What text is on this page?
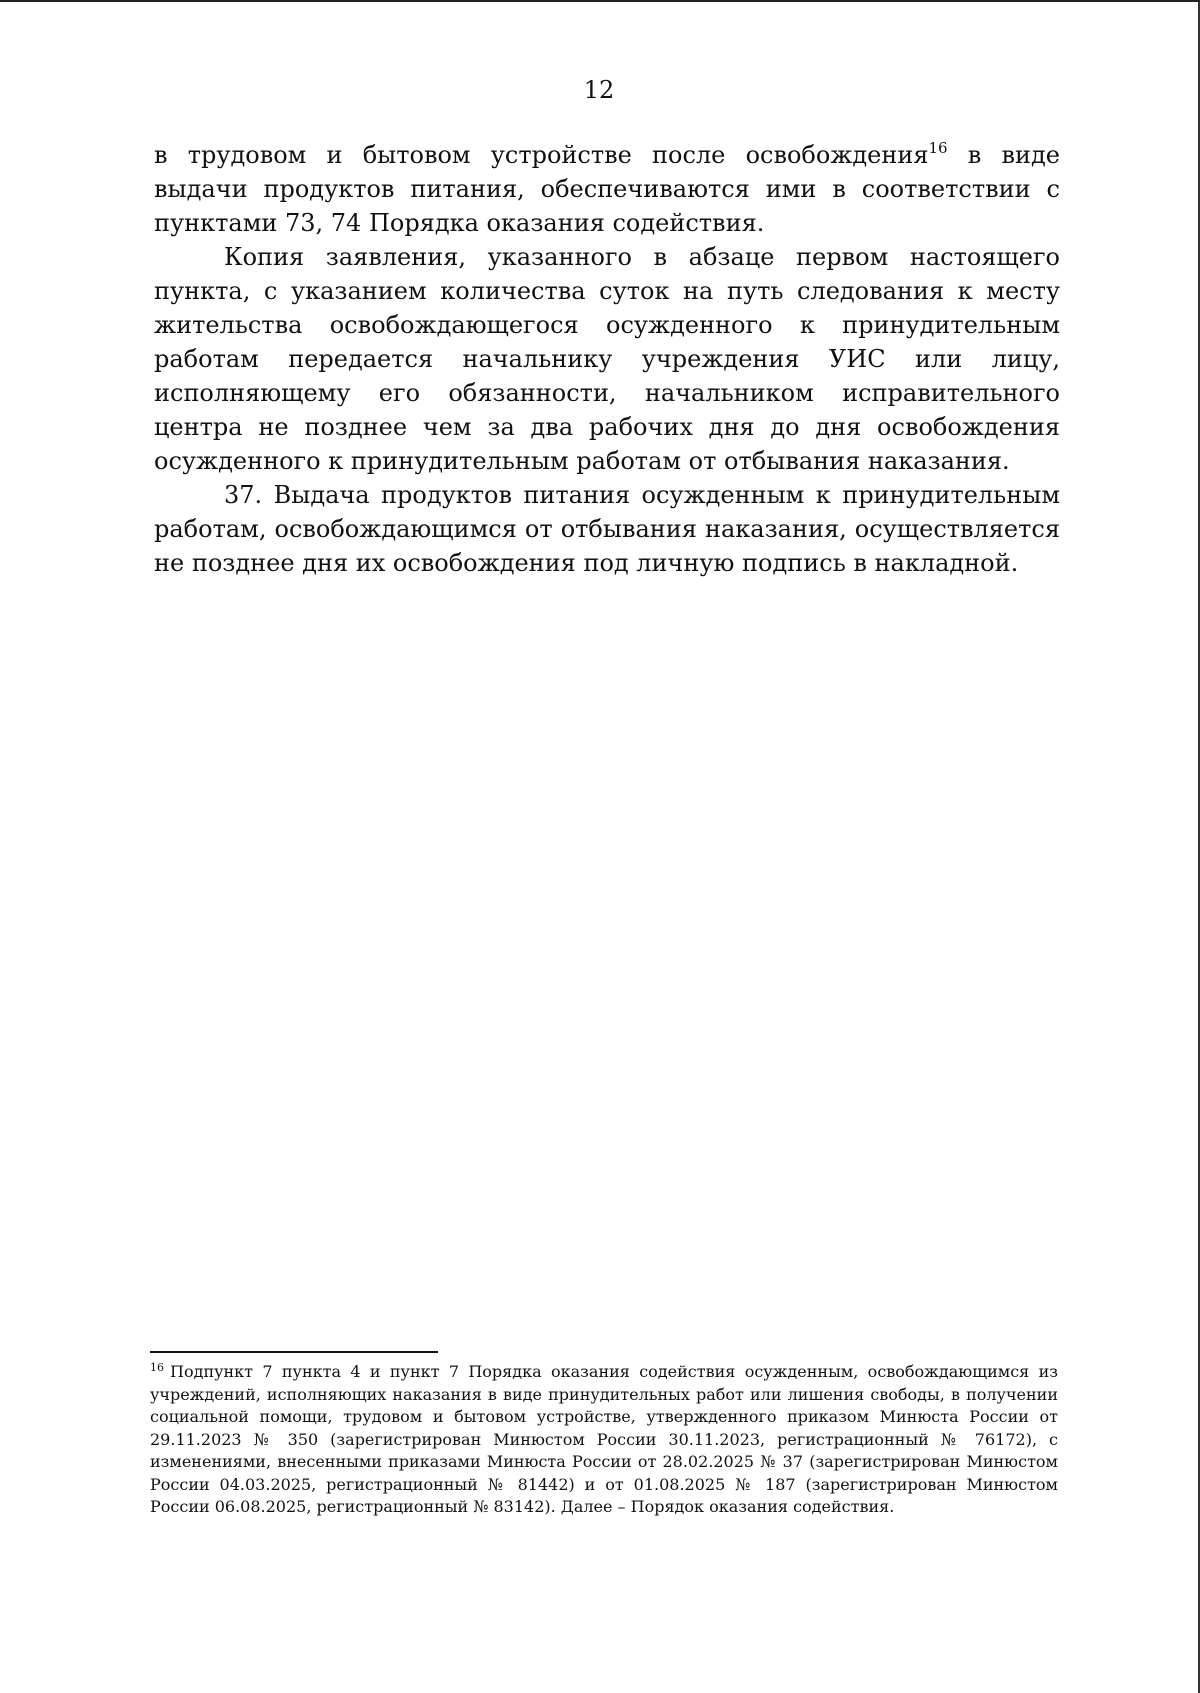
12

в трудовом и бытовом устройстве после освобождения$^{16}$ в виде выдачи продуктов питания, обеспечиваются ими в соответствии с пунктами 73, 74 Порядка оказания содействия.

Копия заявления, указанного в абзаце первом настоящего пункта, с указанием количества суток на путь следования к месту жительства освобождающегося осужденного к принудительным работам передается начальнику учреждения УИС или лицу, исполняющему его обязанности, начальником исправительного центра не позднее чем за два рабочих дня до дня освобождения осужденного к принудительным работам от отбывания наказания.

37. Выдача продуктов питания осужденным к принудительным работам, освобождающимся от отбывания наказания, осуществляется не позднее дня их освобождения под личную подпись в накладной.

$^{16}$ Подпункт 7 пункта 4 и пункт 7 Порядка оказания содействия осужденным, освобождающимся из учреждений, исполняющих наказания в виде принудительных работ или лишения свободы, в получении социальной помощи, трудовом и бытовом устройстве, утвержденного приказом Минюста России от 29.11.2023 № 350 (зарегистрирован Минюстом России 30.11.2023, регистрационный № 76172), с изменениями, внесенными приказами Минюста России от 28.02.2025 № 37 (зарегистрирован Минюстом России 04.03.2025, регистрационный № 81442) и от 01.08.2025 № 187 (зарегистрирован Минюстом России 06.08.2025, регистрационный № 83142). Далее – Порядок оказания содействия.
